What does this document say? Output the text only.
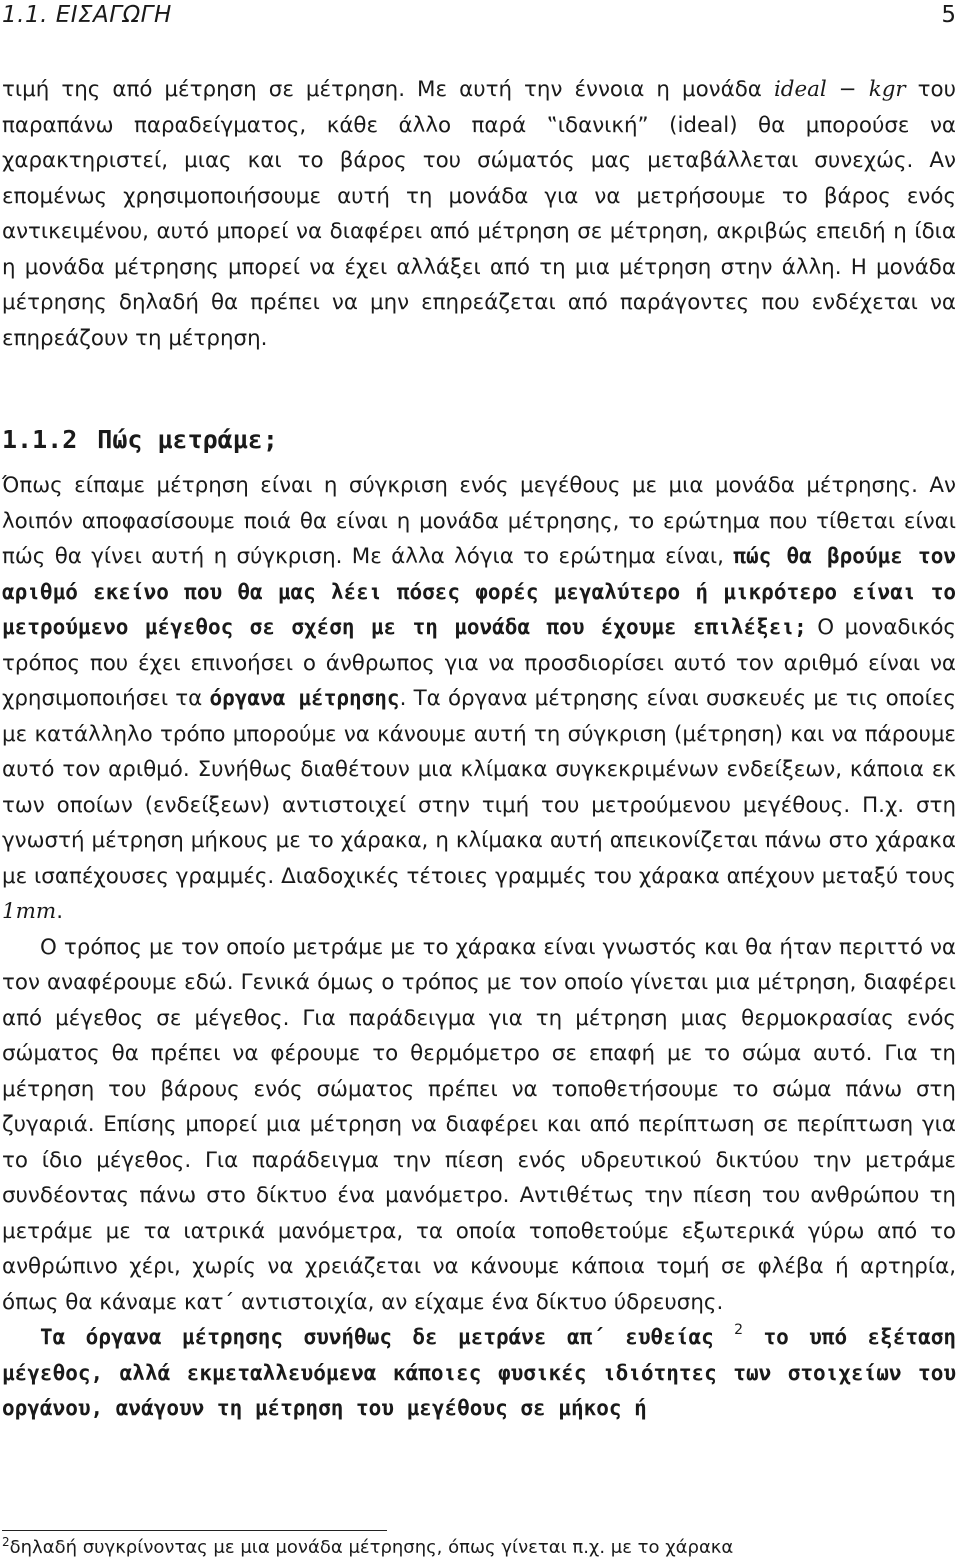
1.1. ΕΙΣΑΓΩΓΗ	5

τιμή της από μέτρηση σε μέτρηση. Με αυτή την έννοια η μονάδα ideal − kgr του παραπάνω παραδείγματος, κάθε άλλο παρά ‟ιδανική” (ideal) θα μπορούσε να χαρακτηριστεί, μιας και το βάρος του σώματός μας μεταβάλλεται συνεχώς. Αν επομένως χρησιμοποιήσουμε αυτή τη μονάδα για να μετρήσουμε το βάρος ενός αντικειμένου, αυτό μπορεί να διαφέρει από μέτρηση σε μέτρηση, ακριβώς επειδή η ίδια η μονάδα μέτρησης μπορεί να έχει αλλάξει από τη μια μέτρηση στην άλλη. Η μονάδα μέτρησης δηλαδή θα πρέπει να μην επηρεάζεται από παράγοντες που ενδέχεται να επηρεάζουν τη μέτρηση.

1.1.2 Πώς μετράμε;

Όπως είπαμε μέτρηση είναι η σύγκριση ενός μεγέθους με μια μονάδα μέτρησης. Αν λοιπόν αποφασίσουμε ποιά θα είναι η μονάδα μέτρησης, το ερώτημα που τίθεται είναι πώς θα γίνει αυτή η σύγκριση. Με άλλα λόγια το ερώτημα είναι, πώς θα βρούμε τον αριθμό εκείνο που θα μας λέει πόσες φορές μεγαλύτερο ή μικρότερο είναι το μετρούμενο μέγεθος σε σχέση με τη μονάδα που έχουμε επιλέξει; Ο μοναδικός τρόπος που έχει επινοήσει ο άνθρωπος για να προσδιορίσει αυτό τον αριθμό είναι να χρησιμοποιήσει τα όργανα μέτρησης. Τα όργανα μέτρησης είναι συσκευές με τις οποίες με κατάλληλο τρόπο μπορούμε να κάνουμε αυτή τη σύγκριση (μέτρηση) και να πάρουμε αυτό τον αριθμό. Συνήθως διαθέτουν μια κλίμακα συγκεκριμένων ενδείξεων, κάποια εκ των οποίων (ενδείξεων) αντιστοιχεί στην τιμή του μετρούμενου μεγέθους. Π.χ. στη γνωστή μέτρηση μήκους με το χάρακα, η κλίμακα αυτή απεικονίζεται πάνω στο χάρακα με ισαπέχουσες γραμμές. Διαδοχικές τέτοιες γραμμές του χάρακα απέχουν μεταξύ τους 1mm.

Ο τρόπος με τον οποίο μετράμε με το χάρακα είναι γνωστός και θα ήταν περιττό να τον αναφέρουμε εδώ. Γενικά όμως ο τρόπος με τον οποίο γίνεται μια μέτρηση, διαφέρει από μέγεθος σε μέγεθος. Για παράδειγμα για τη μέτρηση μιας θερμοκρασίας ενός σώματος θα πρέπει να φέρουμε το θερμόμετρο σε επαφή με το σώμα αυτό. Για τη μέτρηση του βάρους ενός σώματος πρέπει να τοποθετήσουμε το σώμα πάνω στη ζυγαριά. Επίσης μπορεί μια μέτρηση να διαφέρει και από περίπτωση σε περίπτωση για το ίδιο μέγεθος. Για παράδειγμα την πίεση ενός υδρευτικού δικτύου την μετράμε συνδέοντας πάνω στο δίκτυο ένα μανόμετρο. Αντιθέτως την πίεση του ανθρώπου τη μετράμε με τα ιατρικά μανόμετρα, τα οποία τοποθετούμε εξωτερικά γύρω από το ανθρώπινο χέρι, χωρίς να χρειάζεται να κάνουμε κάποια τομή σε φλέβα ή αρτηρία, όπως θα κάναμε κατ΄ αντιστοιχία, αν είχαμε ένα δίκτυο ύδρευσης.

Τα όργανα μέτρησης συνήθως δε μετράνε απ΄ ευθείας $^2$ το υπό εξέταση μέγεθος, αλλά εκμεταλλευόμενα κάποιες φυσικές ιδιότητες των στοιχείων του οργάνου, ανάγουν τη μέτρηση του μεγέθους σε μήκος ή

$^2$δηλαδή συγκρίνοντας με μια μονάδα μέτρησης, όπως γίνεται π.χ. με το χάρακα
